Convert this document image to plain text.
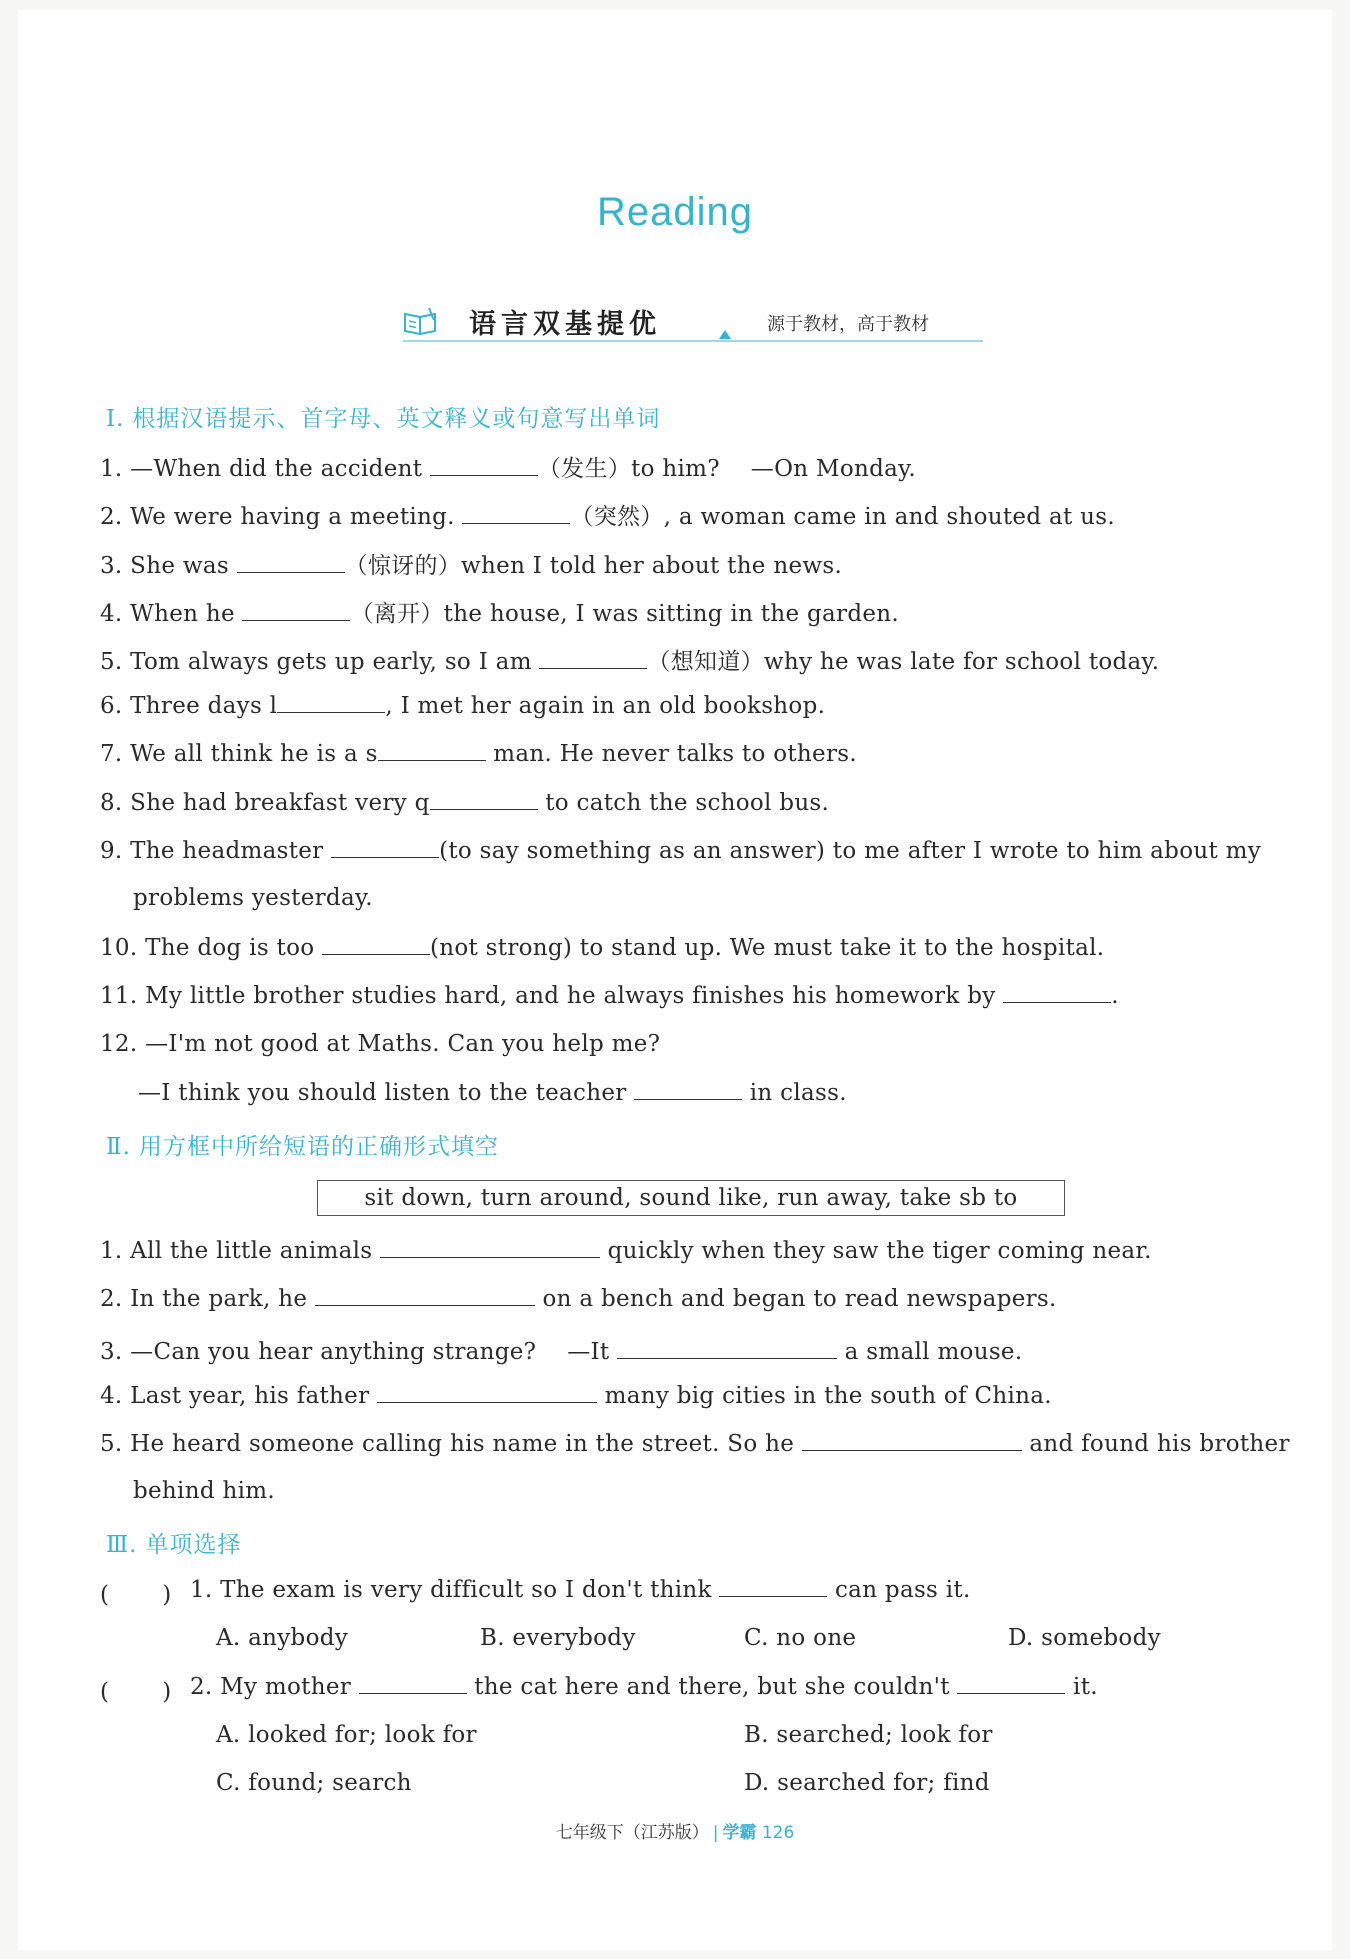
Reading
语言双基提优	源于教材，高于教材
Ⅰ. 根据汉语提示、首字母、英文释义或句意写出单词
1. —When did the accident	（发生）to him?　 —On Monday.
2. We were having a meeting.	（突然）, a woman came in and shouted at us.
3. She was	（惊讶的）when I told her about the news.
4. When he	（离开）the house, I was sitting in the garden.
5. Tom always gets up early, so I am	（想知道）why he was late for school today.
6. Three days l	, I met her again in an old bookshop.
7. We all think he is a s	man. He never talks to others.
8. She had breakfast very q	to catch the school bus.
9. The headmaster	(to say something as an answer) to me after I wrote to him about my
problems yesterday.
10. The dog is too	(not strong) to stand up. We must take it to the hospital.
11. My little brother studies hard, and he always finishes his homework by	.
12. —I'm not good at Maths. Can you help me?
—I think you should listen to the teacher	in class.
Ⅱ. 用方框中所给短语的正确形式填空
sit down, turn around, sound like, run away, take sb to
1. All the little animals	quickly when they saw the tiger coming near.
2. In the park, he	on a bench and began to read newspapers.
3. —Can you hear anything strange?　 —It	a small mouse.
4. Last year, his father	many big cities in the south of China.
5. He heard someone calling his name in the street. So he	and found his brother
behind him.
Ⅲ. 单项选择
(　　 ) 1. The exam is very difficult so I don't think	can pass it.
A. anybody	B. everybody	C. no one	D. somebody
(　　 ) 2. My mother	the cat here and there, but she couldn't	it.
A. looked for; look for	B. searched; look for
C. found; search	D. searched for; find
七年级下（江苏版） | 学霸 126
